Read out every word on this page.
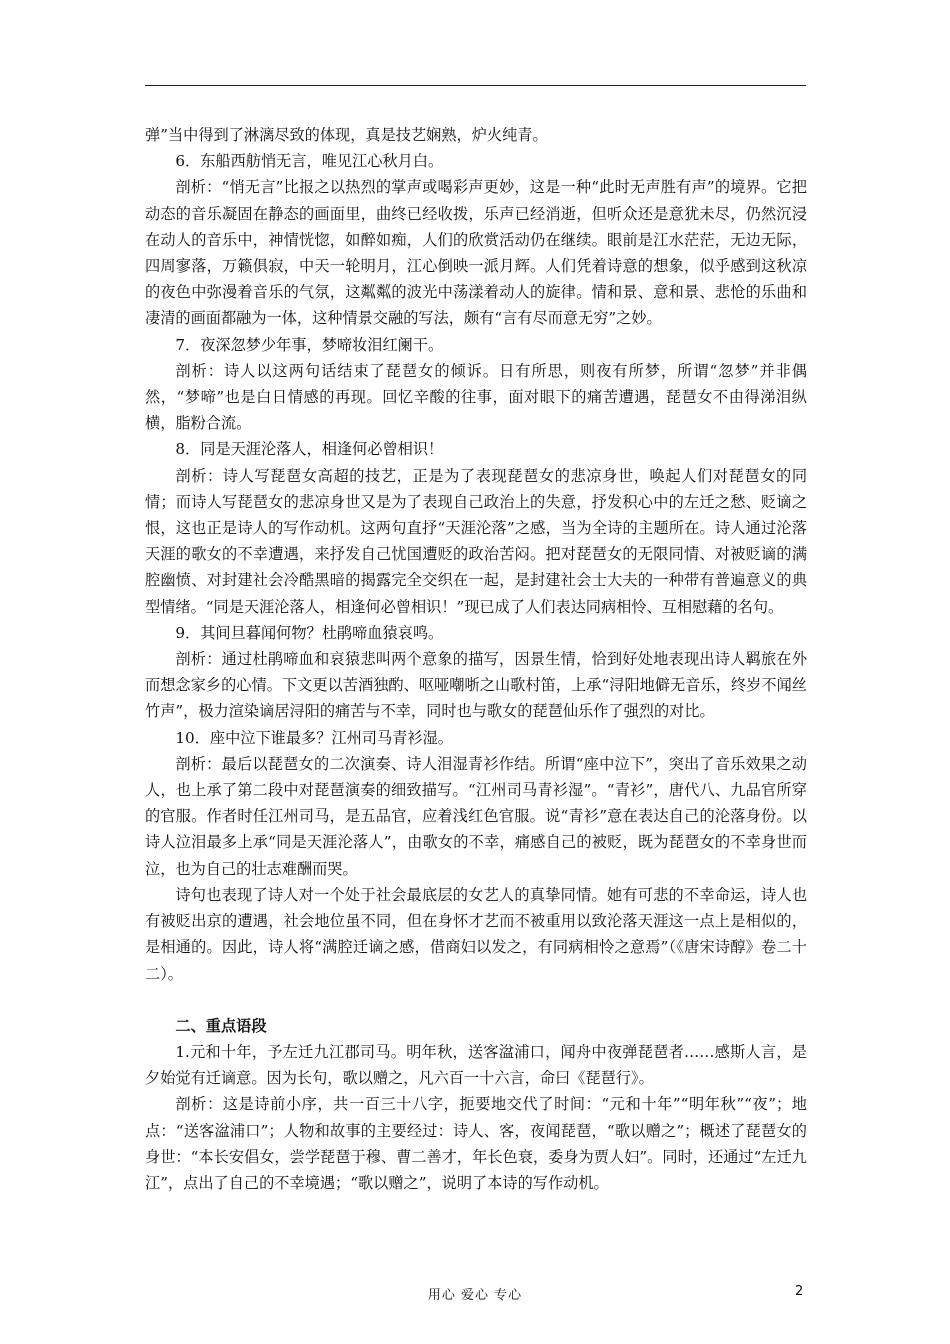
弹”当中得到了淋漓尽致的体现，真是技艺娴熟，炉火纯青。

6．东船西舫悄无言，唯见江心秋月白。

剖析：“悄无言”比报之以热烈的掌声或喝彩声更妙，这是一种“此时无声胜有声”的境界。它把动态的音乐凝固在静态的画面里，曲终已经收拨，乐声已经消逝，但听众还是意犹未尽，仍然沉浸在动人的音乐中，神情恍惚，如醉如痴，人们的欣赏活动仍在继续。眼前是江水茫茫，无边无际，四周寥落，万籁俱寂，中天一轮明月，江心倒映一派月辉。人们凭着诗意的想象，似乎感到这秋凉的夜色中弥漫着音乐的气氛，这粼粼的波光中荡漾着动人的旋律。情和景、意和景、悲怆的乐曲和凄清的画面都融为一体，这种情景交融的写法，颇有“言有尽而意无穷”之妙。

7．夜深忽梦少年事，梦啼妆泪红阑干。

剖析：诗人以这两句话结束了琵琶女的倾诉。日有所思，则夜有所梦，所谓“忽梦”并非偶然，“梦啼”也是白日情感的再现。回忆辛酸的往事，面对眼下的痛苦遭遇，琵琶女不由得涕泪纵横，脂粉合流。

8．同是天涯沦落人，相逢何必曾相识！

剖析：诗人写琵琶女高超的技艺，正是为了表现琵琶女的悲凉身世，唤起人们对琵琶女的同情；而诗人写琵琶女的悲凉身世又是为了表现自己政治上的失意，抒发积心中的左迁之愁、贬谪之恨，这也正是诗人的写作动机。这两句直抒“天涯沦落”之感，当为全诗的主题所在。诗人通过沦落天涯的歌女的不幸遭遇，来抒发自己忧国遭贬的政治苦闷。把对琵琶女的无限同情、对被贬谪的满腔幽愤、对封建社会冷酷黑暗的揭露完全交织在一起，是封建社会士大夫的一种带有普遍意义的典型情绪。“同是天涯沦落人，相逢何必曾相识！”现已成了人们表达同病相怜、互相慰藉的名句。

9．其间旦暮闻何物？杜鹃啼血猿哀鸣。

剖析：通过杜鹃啼血和哀猿悲叫两个意象的描写，因景生情，恰到好处地表现出诗人羁旅在外而想念家乡的心情。下文更以苦酒独酌、呕哑嘲哳之山歌村笛，上承“浔阳地僻无音乐，终岁不闻丝竹声”，极力渲染谪居浔阳的痛苦与不幸，同时也与歌女的琵琶仙乐作了强烈的对比。

10．座中泣下谁最多？江州司马青衫湿。

剖析：最后以琵琶女的二次演奏、诗人泪湿青衫作结。所谓“座中泣下”，突出了音乐效果之动人，也上承了第二段中对琵琶演奏的细致描写。“江州司马青衫湿”。“青衫”，唐代八、九品官所穿的官服。作者时任江州司马，是五品官，应着浅红色官服。说“青衫”意在表达自己的沦落身份。以诗人泣泪最多上承“同是天涯沦落人”，由歌女的不幸，痛感自己的被贬，既为琵琶女的不幸身世而泣，也为自己的壮志难酬而哭。

诗句也表现了诗人对一个处于社会最底层的女艺人的真挚同情。她有可悲的不幸命运，诗人也有被贬出京的遭遇，社会地位虽不同，但在身怀才艺而不被重用以致沦落天涯这一点上是相似的，是相通的。因此，诗人将“满腔迁谪之感，借商妇以发之，有同病相怜之意焉”（《唐宋诗醇》卷二十二）。

二、重点语段

1.元和十年，予左迁九江郡司马。明年秋，送客湓浦口，闻舟中夜弹琵琶者……感斯人言，是夕始觉有迁谪意。因为长句，歌以赠之，凡六百一十六言，命曰《琵琶行》。

剖析：这是诗前小序，共一百三十八字，扼要地交代了时间：“元和十年”“明年秋”“夜”；地点：“送客湓浦口”；人物和故事的主要经过：诗人、客，夜闻琵琶，“歌以赠之”；概述了琵琶女的身世：“本长安倡女，尝学琵琶于穆、曹二善才，年长色衰，委身为贾人妇”。同时，还通过“左迁九江”，点出了自己的不幸境遇；“歌以赠之”，说明了本诗的写作动机。

用心 爱心 专心	2
